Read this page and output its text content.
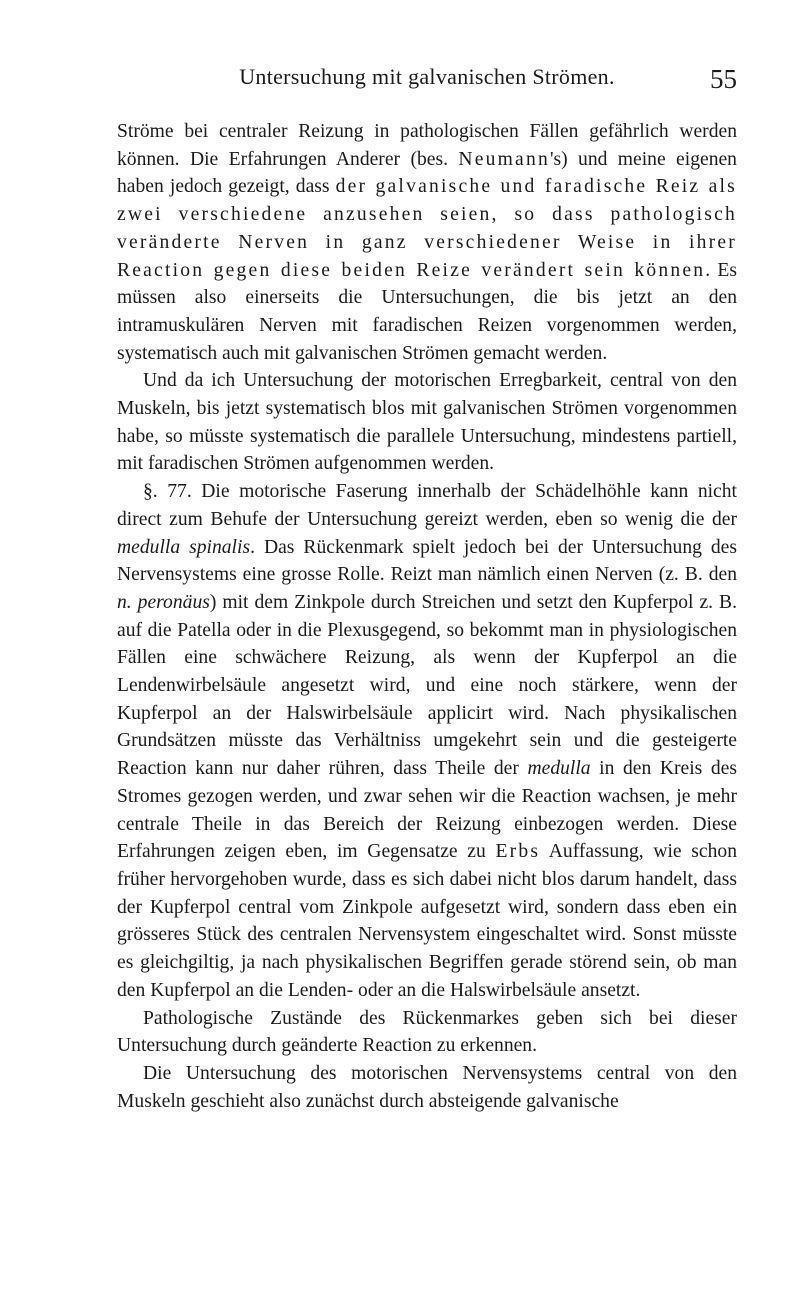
Untersuchung mit galvanischen Strömen.	55

Ströme bei centraler Reizung in pathologischen Fällen gefährlich werden können. Die Erfahrungen Anderer (bes. Neumann's) und meine eigenen haben jedoch gezeigt, dass der galvanische und faradische Reiz als zwei verschiedene anzusehen seien, so dass pathologisch veränderte Nerven in ganz verschiedener Weise in ihrer Reaction gegen diese beiden Reize verändert sein können. Es müssen also einerseits die Untersuchungen, die bis jetzt an den intramuskulären Nerven mit faradischen Reizen vorgenommen werden, systematisch auch mit galvanischen Strömen gemacht werden.

Und da ich Untersuchung der motorischen Erregbarkeit, central von den Muskeln, bis jetzt systematisch blos mit galvanischen Strömen vorgenommen habe, so müsste systematisch die parallele Untersuchung, mindestens partiell, mit faradischen Strömen aufgenommen werden.

§. 77. Die motorische Faserung innerhalb der Schädelhöhle kann nicht direct zum Behufe der Untersuchung gereizt werden, eben so wenig die der medulla spinalis. Das Rückenmark spielt jedoch bei der Untersuchung des Nervensystems eine grosse Rolle. Reizt man nämlich einen Nerven (z. B. den n. peronäus) mit dem Zinkpole durch Streichen und setzt den Kupferpol z. B. auf die Patella oder in die Plexusgegend, so bekommt man in physiologischen Fällen eine schwächere Reizung, als wenn der Kupferpol an die Lendenwirbelsäule angesetzt wird, und eine noch stärkere, wenn der Kupferpol an der Halswirbelsäule applicirt wird. Nach physikalischen Grundsätzen müsste das Verhältniss umgekehrt sein und die gesteigerte Reaction kann nur daher rühren, dass Theile der medulla in den Kreis des Stromes gezogen werden, und zwar sehen wir die Reaction wachsen, je mehr centrale Theile in das Bereich der Reizung einbezogen werden. Diese Erfahrungen zeigen eben, im Gegensatze zu Erbs Auffassung, wie schon früher hervorgehoben wurde, dass es sich dabei nicht blos darum handelt, dass der Kupferpol central vom Zinkpole aufgesetzt wird, sondern dass eben ein grösseres Stück des centralen Nervensystem eingeschaltet wird. Sonst müsste es gleichgiltig, ja nach physikalischen Begriffen gerade störend sein, ob man den Kupferpol an die Lenden- oder an die Halswirbelsäule ansetzt.

Pathologische Zustände des Rückenmarkes geben sich bei dieser Untersuchung durch geänderte Reaction zu erkennen.

Die Untersuchung des motorischen Nervensystems central von den Muskeln geschieht also zunächst durch absteigende galvanische
